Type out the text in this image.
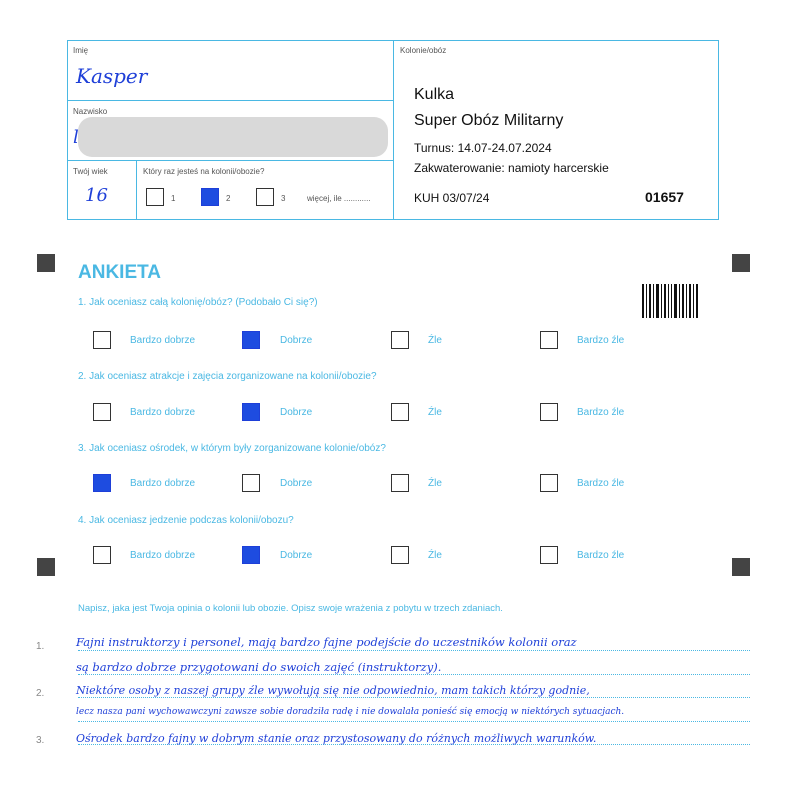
Imię
Kasper
Nazwisko
l
Twój wiek
16
Który raz jesteś na kolonii/obozie?
1	2	3	więcej, ile ............
Kolonie/obóz
Kulka
Super Obóz Militarny
Turnus: 14.07-24.07.2024
Zakwaterowanie: namioty harcerskie
KUH 03/07/24	01657
ANKIETA
1. Jak oceniasz całą kolonię/obóz? (Podobało Ci się?)
Bardzo dobrze	Dobrze	Źle	Bardzo źle
2. Jak oceniasz atrakcje i zajęcia zorganizowane na kolonii/obozie?
Bardzo dobrze	Dobrze	Źle	Bardzo źle
3. Jak oceniasz ośrodek, w którym były zorganizowane kolonie/obóz?
Bardzo dobrze	Dobrze	Źle	Bardzo źle
4. Jak oceniasz jedzenie podczas kolonii/obozu?
Bardzo dobrze	Dobrze	Źle	Bardzo źle
Napisz, jaka jest Twoja opinia o kolonii lub obozie. Opisz swoje wrażenia z pobytu w trzech zdaniach.
1.
2.
3.
Fajni instruktorzy i personel, mają bardzo fajne podejście do uczestników kolonii oraz
są bardzo dobrze przygotowani do swoich zajęć (instruktorzy).
Niektóre osoby z naszej grupy źle wywołują się nie odpowiednio, mam takich którzy godnie,
lecz nasza pani wychowawczyni zawsze sobie doradziła radę i nie dowalała ponieść się emocją w niektórych sytuacjach.
Ośrodek bardzo fajny w dobrym stanie oraz przystosowany do różnych możliwych warunków.
